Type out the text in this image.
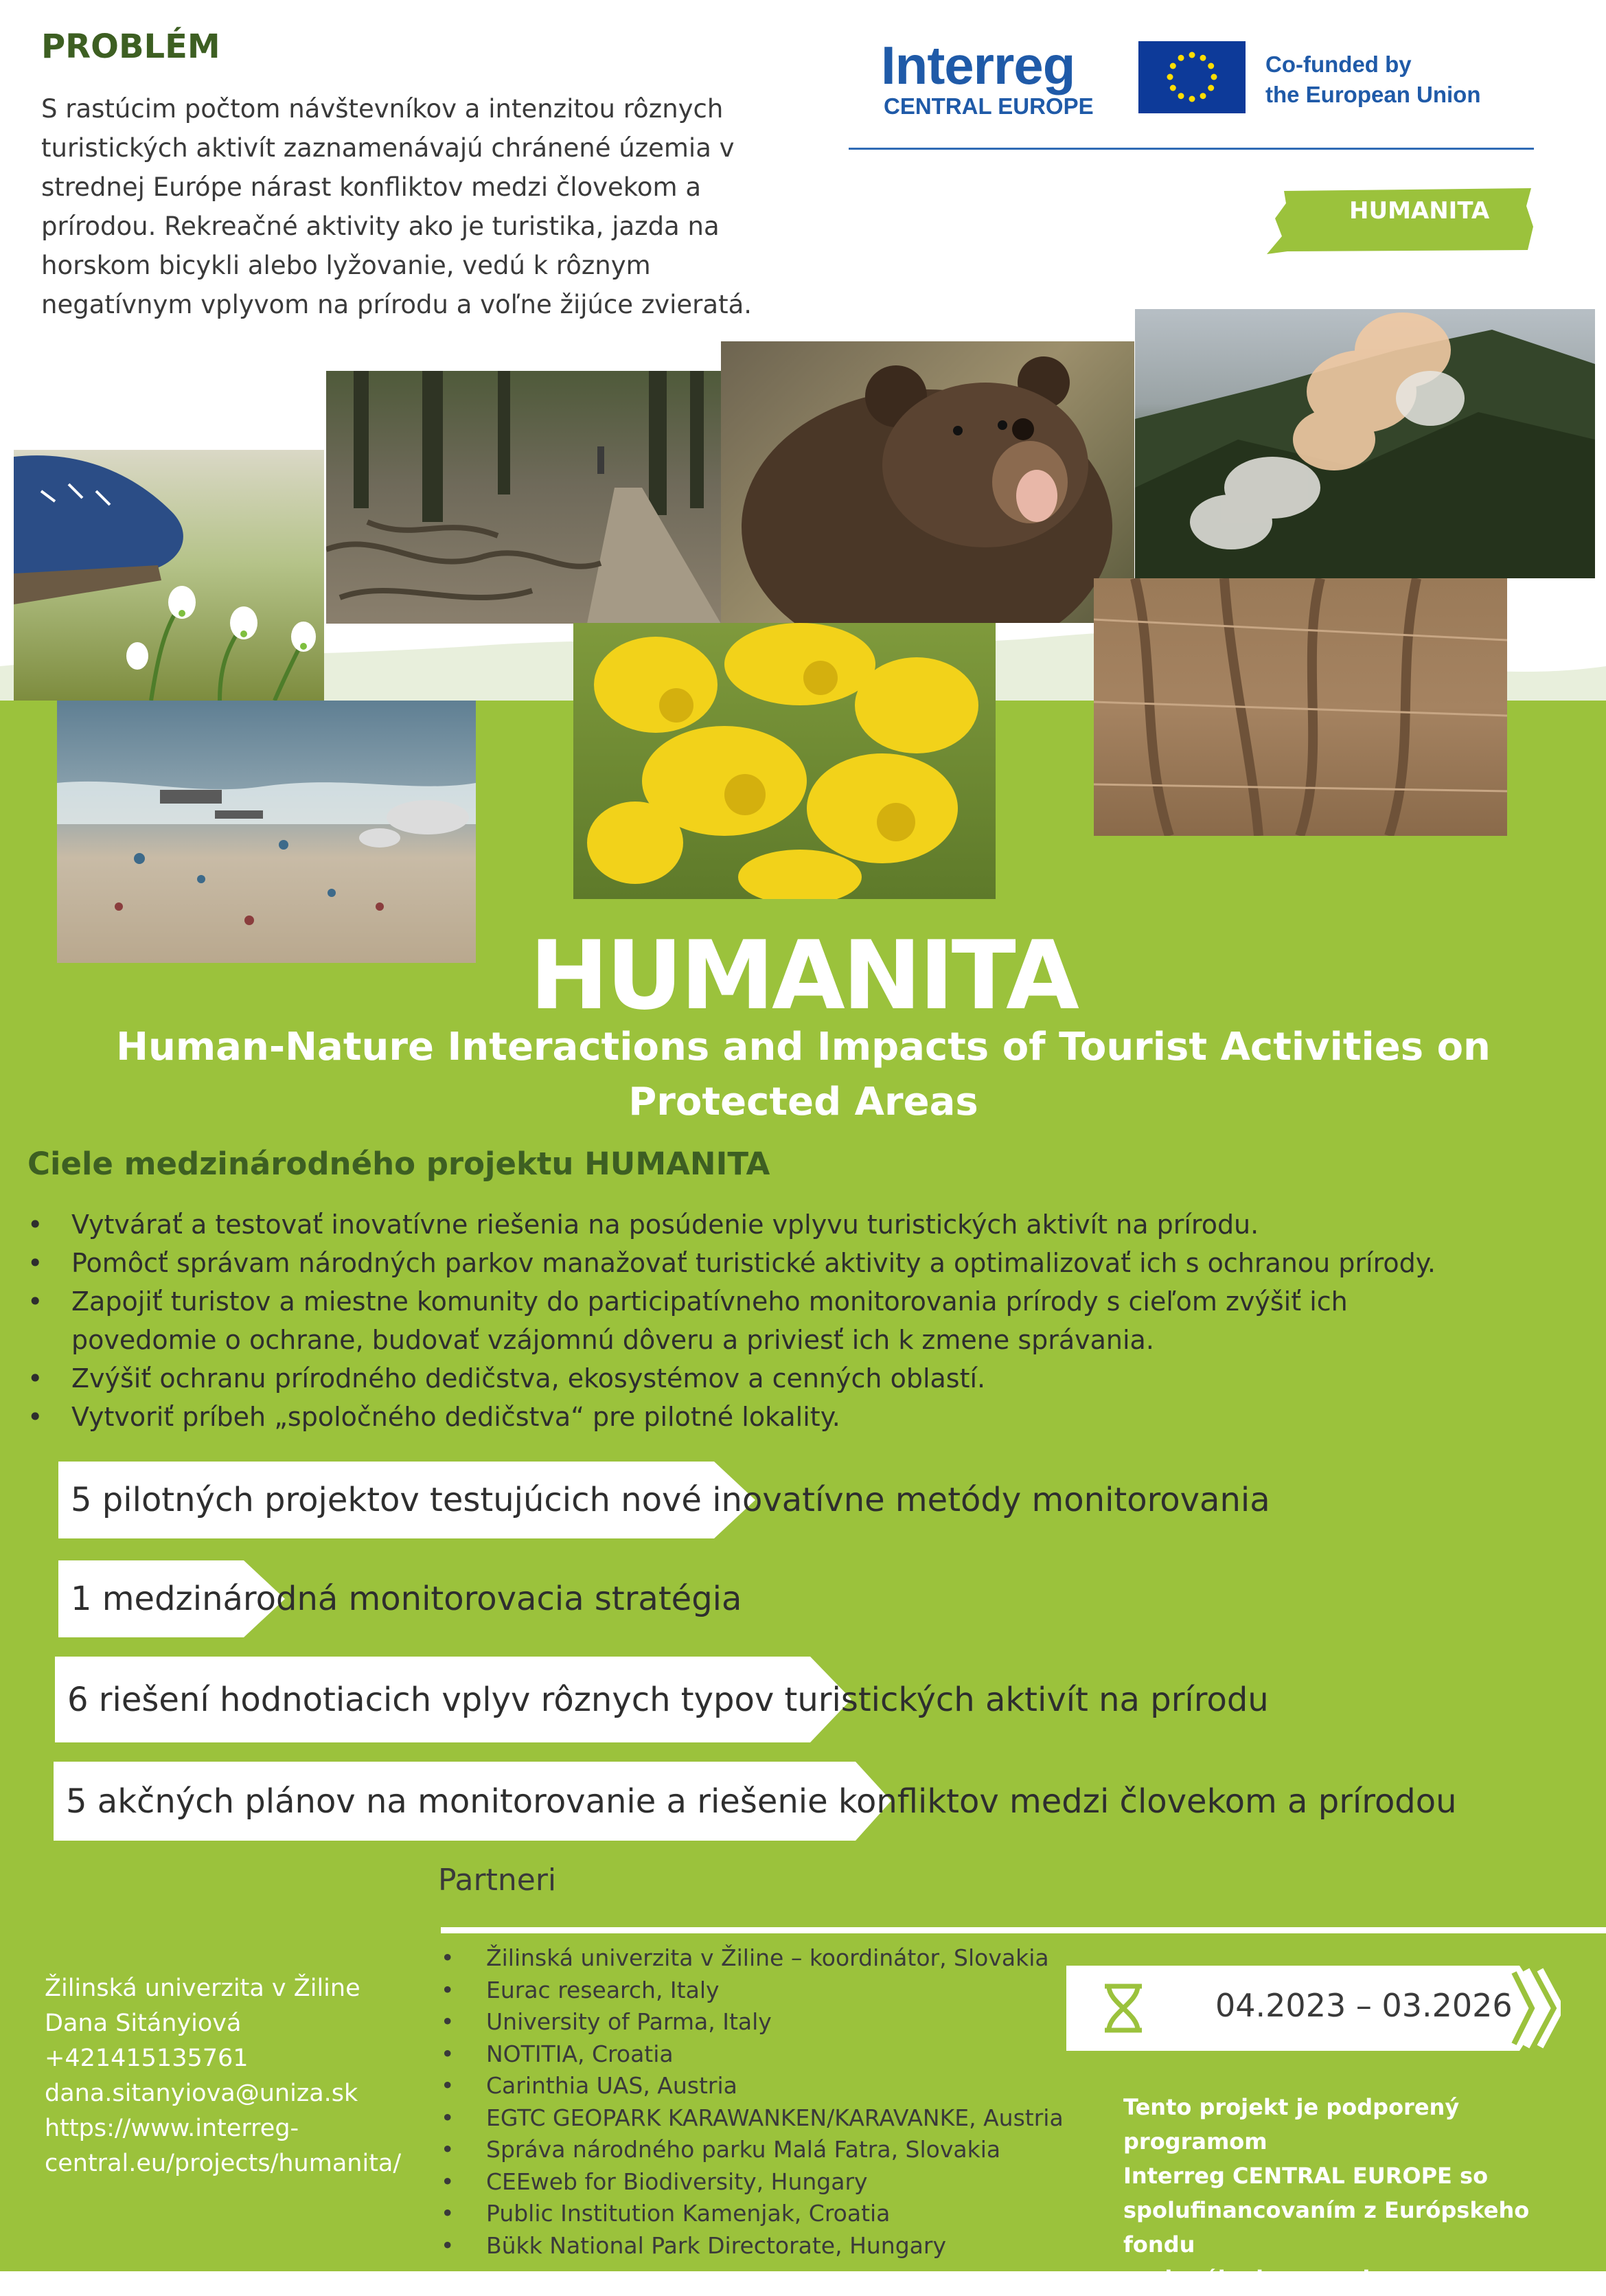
PROBLÉM
S rastúcim počtom návštevníkov a intenzitou rôznych
turistických aktivít zaznamenávajú chránené územia v
strednej Európe nárast konfliktov medzi človekom a
prírodou. Rekreačné aktivity ako je turistika, jazda na
horskom bicykli alebo lyžovanie, vedú k rôznym
negatívnym vplyvom na prírodu a voľne žijúce zvieratá.
Interreg
CENTRAL EUROPE
Co-funded by
the European Union
HUMANITA
HUMANITA
Human-Nature Interactions and Impacts of Tourist Activities on
Protected Areas
Ciele medzinárodného projektu HUMANITA
• Vytvárať a testovať inovatívne riešenia na posúdenie vplyvu turistických aktivít na prírodu.
• Pomôcť správam národných parkov manažovať turistické aktivity a optimalizovať ich s ochranou prírody.
• Zapojiť turistov a miestne komunity do participatívneho monitorovania prírody s cieľom zvýšiť ich
povedomie o ochrane, budovať vzájomnú dôveru a priviesť ich k zmene správania.
• Zvýšiť ochranu prírodného dedičstva, ekosystémov a cenných oblastí.
• Vytvoriť príbeh „spoločného dedičstva“ pre pilotné lokality.
5 pilotných projektov testujúcich nové inovatívne metódy monitorovania
1 medzinárodná monitorovacia stratégia
6 riešení hodnotiacich vplyv rôznych typov turistických aktivít na prírodu
5 akčných plánov na monitorovanie a riešenie konfliktov medzi človekom a prírodou
Partneri
• Žilinská univerzita v Žiline – koordinátor, Slovakia
• Eurac research, Italy
• University of Parma, Italy
• NOTITIA, Croatia
• Carinthia UAS, Austria
• EGTC GEOPARK KARAWANKEN/KARAVANKE, Austria
• Správa národného parku Malá Fatra, Slovakia
• CEEweb for Biodiversity, Hungary
• Public Institution Kamenjak, Croatia
• Bükk National Park Directorate, Hungary
Žilinská univerzita v Žiline
Dana Sitányiová
+421415135761
dana.sitanyiova@uniza.sk
https://www.interreg-
central.eu/projects/humanita/
04.2023 – 03.2026
Tento projekt je podporený programom
Interreg CENTRAL EUROPE so
spolufinancovaním z Európskeho fondu
regionálneho rozvoja.
